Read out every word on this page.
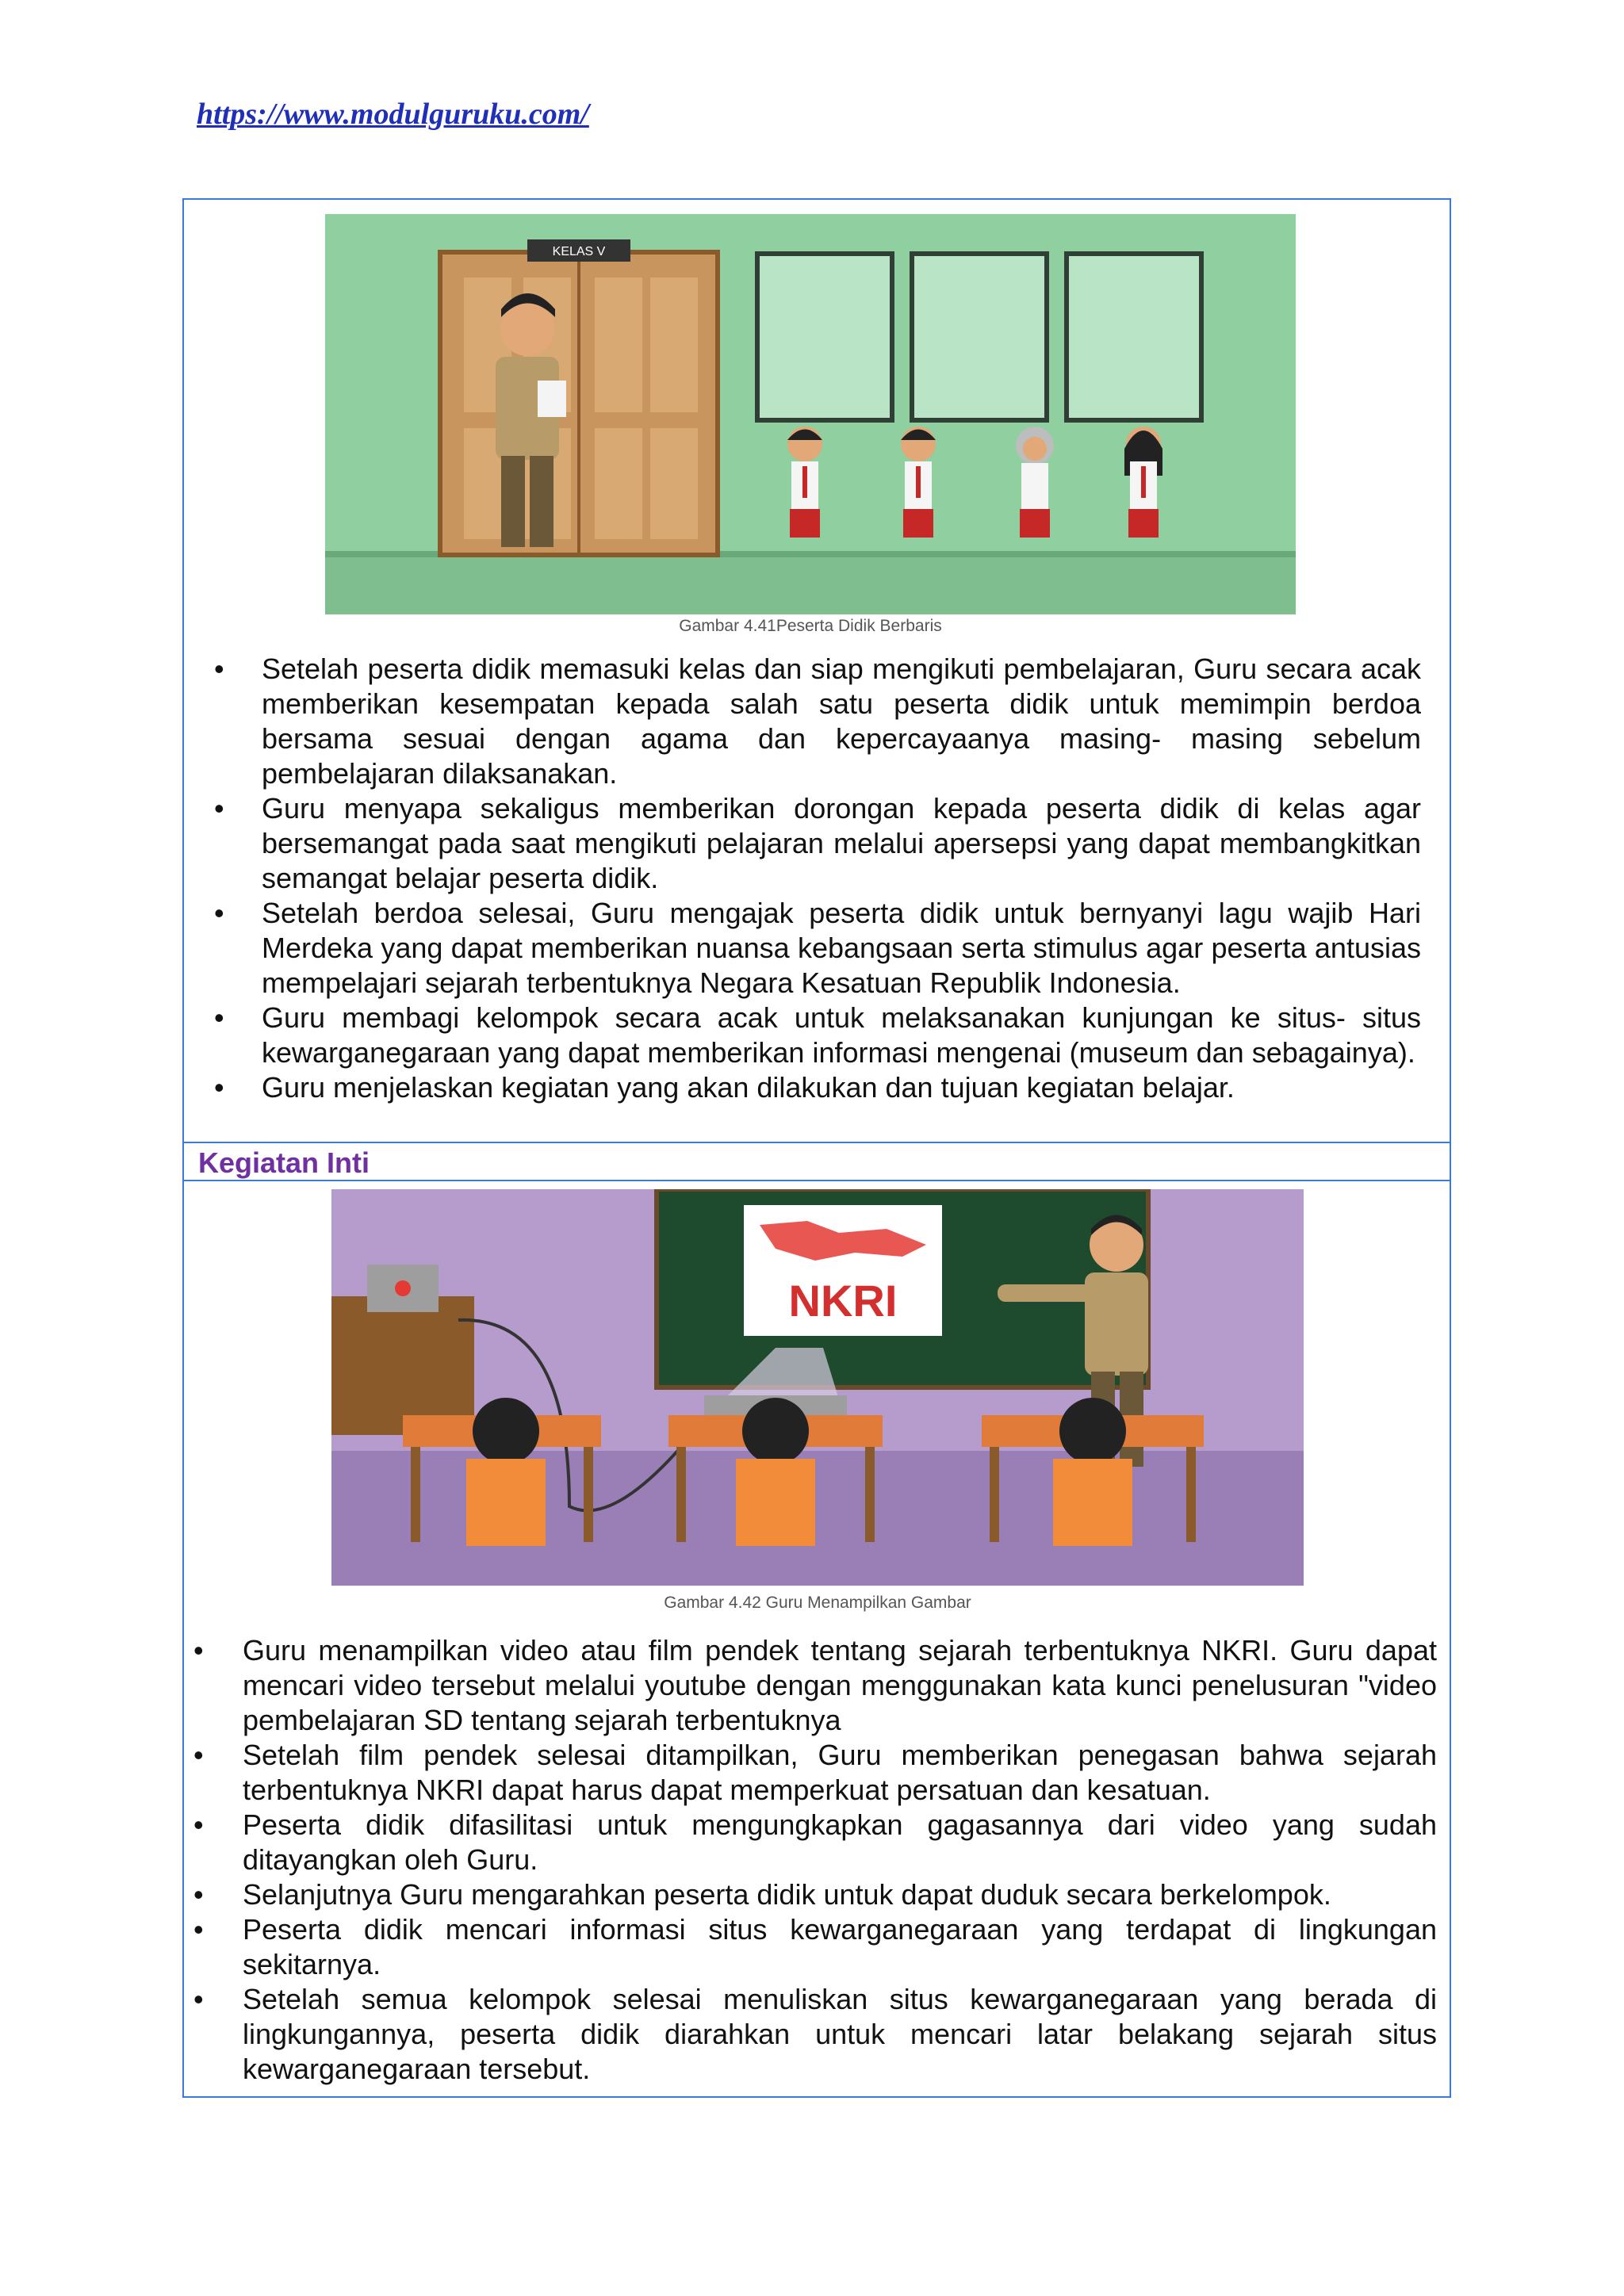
https://www.modulguruku.com/
KELAS V
Gambar 4.41Peserta Didik Berbaris
• Setelah peserta didik memasuki kelas dan siap mengikuti pembelajaran, Guru secara acak memberikan kesempatan kepada salah satu peserta didik untuk memimpin berdoa bersama sesuai dengan agama dan kepercayaanya masing- masing sebelum pembelajaran dilaksanakan.
• Guru menyapa sekaligus memberikan dorongan kepada peserta didik di kelas agar bersemangat pada saat mengikuti pelajaran melalui apersepsi yang dapat membangkitkan semangat belajar peserta didik.
• Setelah berdoa selesai, Guru mengajak peserta didik untuk bernyanyi lagu wajib Hari Merdeka yang dapat memberikan nuansa kebangsaan serta stimulus agar peserta antusias mempelajari sejarah terbentuknya Negara Kesatuan Republik Indonesia.
• Guru membagi kelompok secara acak untuk melaksanakan kunjungan ke situs- situs kewarganegaraan yang dapat memberikan informasi mengenai (museum dan sebagainya).
• Guru menjelaskan kegiatan yang akan dilakukan dan tujuan kegiatan belajar.
Kegiatan Inti
NKRI
Gambar 4.42 Guru Menampilkan Gambar
• Guru menampilkan video atau film pendek tentang sejarah terbentuknya NKRI. Guru dapat mencari video tersebut melalui youtube dengan menggunakan kata kunci penelusuran "video pembelajaran SD tentang sejarah terbentuknya
• Setelah film pendek selesai ditampilkan, Guru memberikan penegasan bahwa sejarah terbentuknya NKRI dapat harus dapat memperkuat persatuan dan kesatuan.
• Peserta didik difasilitasi untuk mengungkapkan gagasannya dari video yang sudah ditayangkan oleh Guru.
• Selanjutnya Guru mengarahkan peserta didik untuk dapat duduk secara berkelompok.
• Peserta didik mencari informasi situs kewarganegaraan yang terdapat di lingkungan sekitarnya.
• Setelah semua kelompok selesai menuliskan situs kewarganegaraan yang berada di lingkungannya, peserta didik diarahkan untuk mencari latar belakang sejarah situs kewarganegaraan tersebut.
